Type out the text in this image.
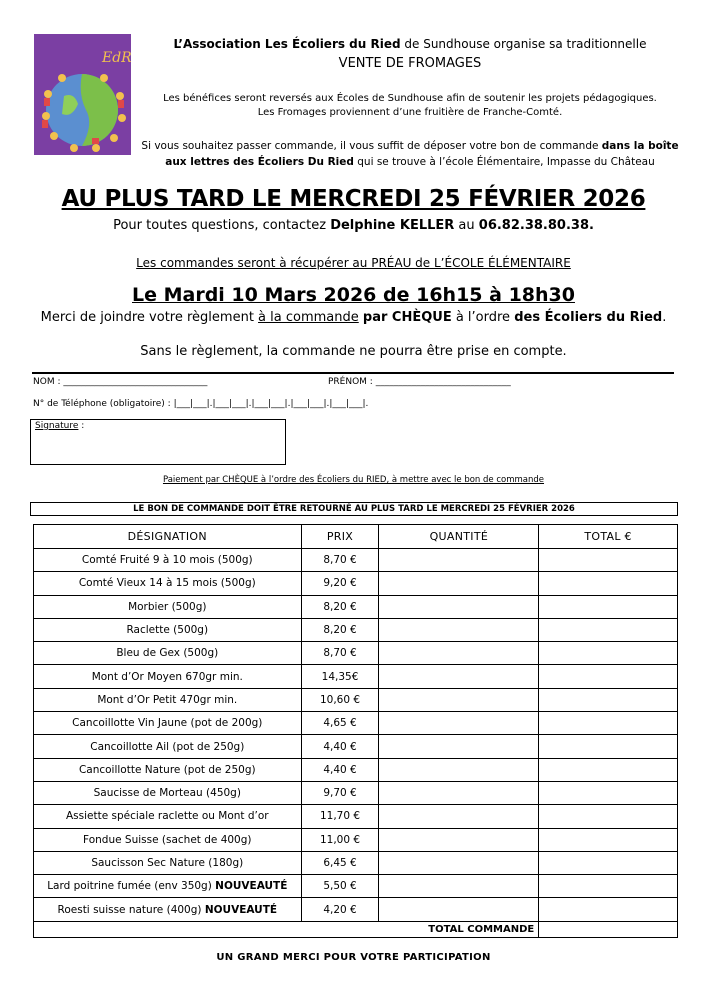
EdR
L’Association Les Écoliers du Ried de Sundhouse organise sa traditionnelle
VENTE DE FROMAGES
Les bénéfices seront reversés aux Écoles de Sundhouse afin de soutenir les projets pédagogiques.
Les Fromages proviennent d’une fruitière de Franche-Comté.
Si vous souhaitez passer commande, il vous suffit de déposer votre bon de commande dans la boîte
aux lettres des Écoliers Du Ried qui se trouve à l’école Élémentaire, Impasse du Château
AU PLUS TARD LE MERCREDI 25 FÉVRIER 2026
Pour toutes questions, contactez Delphine KELLER au 06.82.38.80.38.
Les commandes seront à récupérer au PRÉAU de L’ÉCOLE ÉLÉMENTAIRE
Le Mardi 10 Mars 2026 de 16h15 à 18h30
Merci de joindre votre règlement à la commande par CHÈQUE à l’ordre des Écoliers du Ried.
Sans le règlement, la commande ne pourra être prise en compte.
NOM : ________________________________	PRÉNOM : ______________________________
N° de Téléphone (obligatoire) : |___|___|.|___|___|.|___|___|.|___|___|.|___|___|.
Signature :
Paiement par CHÈQUE à l’ordre des Écoliers du RIED, à mettre avec le bon de commande
LE BON DE COMMANDE DOIT ÊTRE RETOURNÉ AU PLUS TARD LE MERCREDI 25 FÉVRIER 2026
DÉSIGNATION	PRIX	QUANTITÉ	TOTAL €
Comté Fruité 9 à 10 mois (500g)	8,70 €		
Comté Vieux 14 à 15 mois (500g)	9,20 €		
Morbier (500g)	8,20 €		
Raclette (500g)	8,20 €		
Bleu de Gex (500g)	8,70 €		
Mont d’Or Moyen 670gr min.	14,35€		
Mont d’Or Petit 470gr min.	10,60 €		
Cancoillotte Vin Jaune (pot de 200g)	4,65 €		
Cancoillotte Ail (pot de 250g)	4,40 €		
Cancoillotte Nature (pot de 250g)	4,40 €		
Saucisse de Morteau (450g)	9,70 €		
Assiette spéciale raclette ou Mont d’or	11,70 €		
Fondue Suisse (sachet de 400g)	11,00 €		
Saucisson Sec Nature (180g)	6,45 €		
Lard poitrine fumée (env 350g) NOUVEAUTÉ	5,50 €		
Roesti suisse nature (400g) NOUVEAUTÉ	4,20 €		
TOTAL COMMANDE			
UN GRAND MERCI POUR VOTRE PARTICIPATION
